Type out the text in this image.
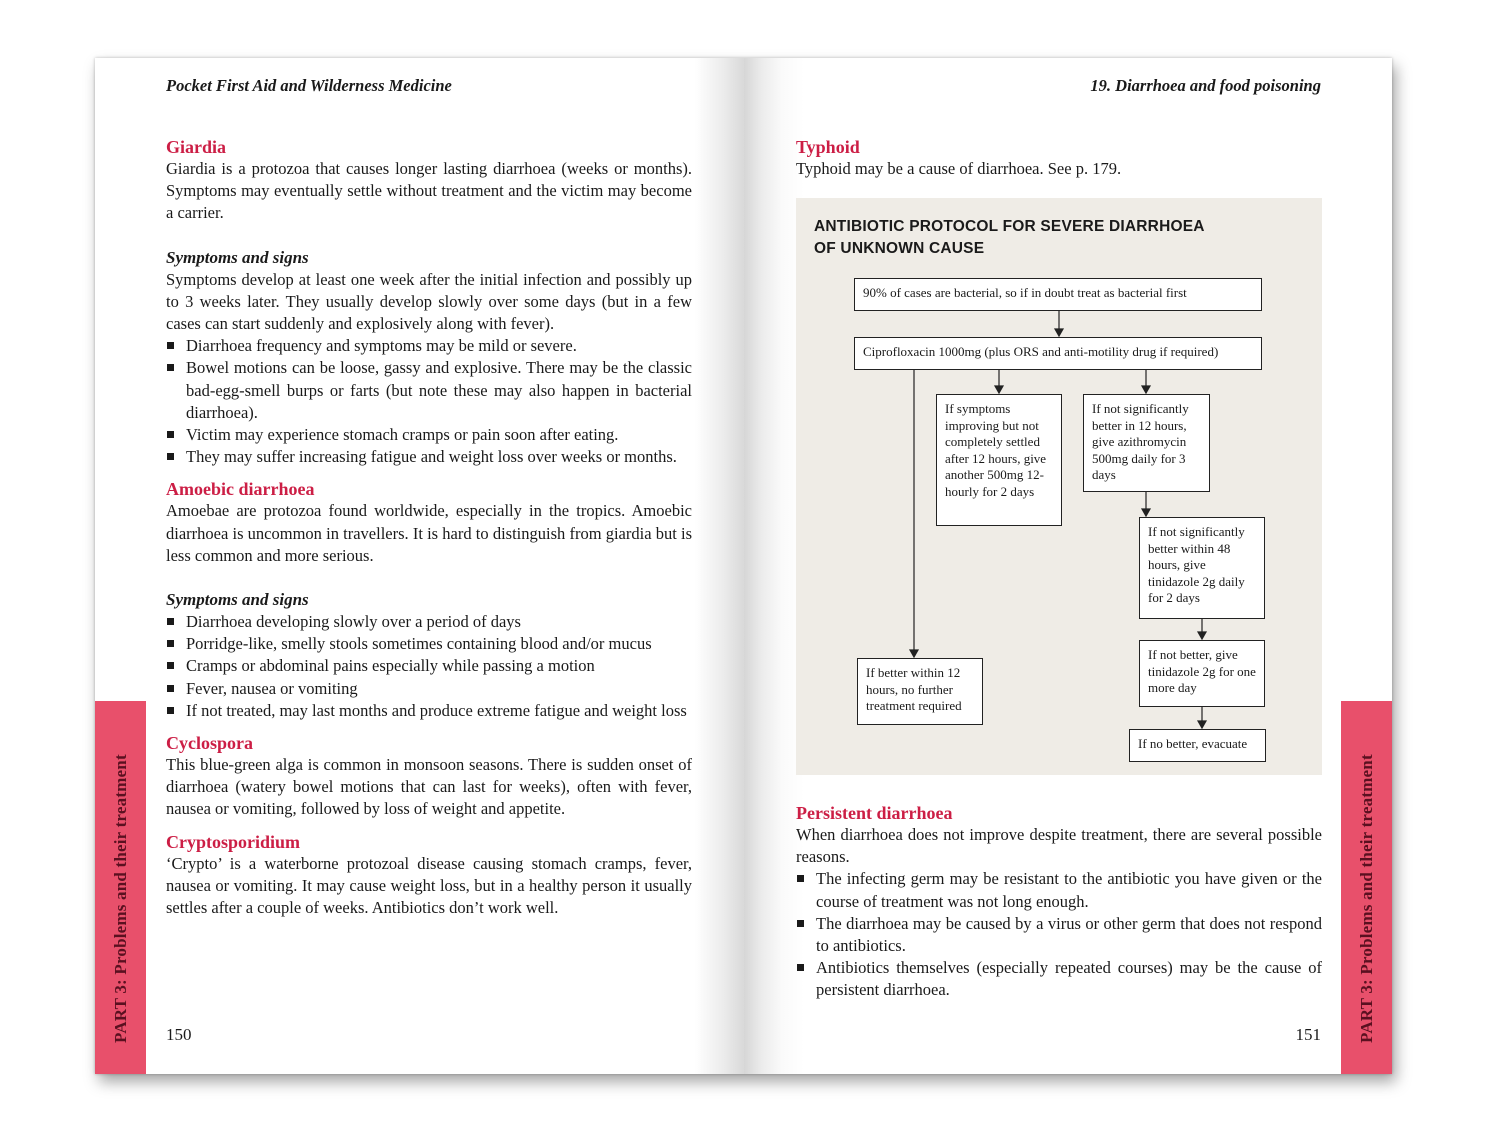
Pocket First Aid and Wilderness Medicine
Giardia

Giardia is a protozoa that causes longer lasting diarrhoea (weeks or months). Symptoms may eventually settle without treatment and the victim may become a carrier.

Symptoms and signs

Symptoms develop at least one week after the initial infection and possibly up to 3 weeks later. They usually develop slowly over some days (but in a few cases can start suddenly and explosively along with fever).

Diarrhoea frequency and symptoms may be mild or severe.
Bowel motions can be loose, gassy and explosive. There may be the classic bad-egg-smell burps or farts (but note these may also happen in bacterial diarrhoea).
Victim may experience stomach cramps or pain soon after eating.
They may suffer increasing fatigue and weight loss over weeks or months.
Amoebic diarrhoea

Amoebae are protozoa found worldwide, especially in the tropics. Amoebic diarrhoea is uncommon in travellers. It is hard to distinguish from giardia but is less common and more serious.

Symptoms and signs
Diarrhoea developing slowly over a period of days
Porridge-like, smelly stools sometimes containing blood and/or mucus
Cramps or abdominal pains especially while passing a motion
Fever, nausea or vomiting
If not treated, may last months and produce extreme fatigue and weight loss
Cyclospora

This blue-green alga is common in monsoon seasons. There is sudden onset of diarrhoea (watery bowel motions that can last for weeks), often with fever, nausea or vomiting, followed by loss of weight and appetite.

Cryptosporidium

‘Crypto’ is a waterborne protozoal disease causing stomach cramps, fever, nausea or vomiting. It may cause weight loss, but in a healthy person it usually settles after a couple of weeks. Antibiotics don’t work well.

150
PART 3: Problems and their treatment
19. Diarrhoea and food poisoning
Typhoid

Typhoid may be a cause of diarrhoea. See p. 179.

ANTIBIOTIC PROTOCOL FOR SEVERE DIARRHOEA
OF UNKNOWN CAUSE
90% of cases are bacterial, so if in doubt treat as bacterial first
Ciprofloxacin 1000mg (plus ORS and anti-motility drug if required)
If symptoms improving but not completely settled after 12 hours, give another 500mg 12-hourly for 2 days
If not significantly better in 12 hours, give azithromycin 500mg daily for 3 days
If not significantly better within 48 hours, give tinidazole 2g daily for 2 days
If not better, give tinidazole 2g for one more day
If better within 12 hours, no further treatment required
If no better, evacuate
Persistent diarrhoea

When diarrhoea does not improve despite treatment, there are several possible reasons.

The infecting germ may be resistant to the antibiotic you have given or the course of treatment was not long enough.
The diarrhoea may be caused by a virus or other germ that does not respond to antibiotics.
Antibiotics themselves (especially repeated courses) may be the cause of persistent diarrhoea.
151 PART 3: Problems and their treatment
